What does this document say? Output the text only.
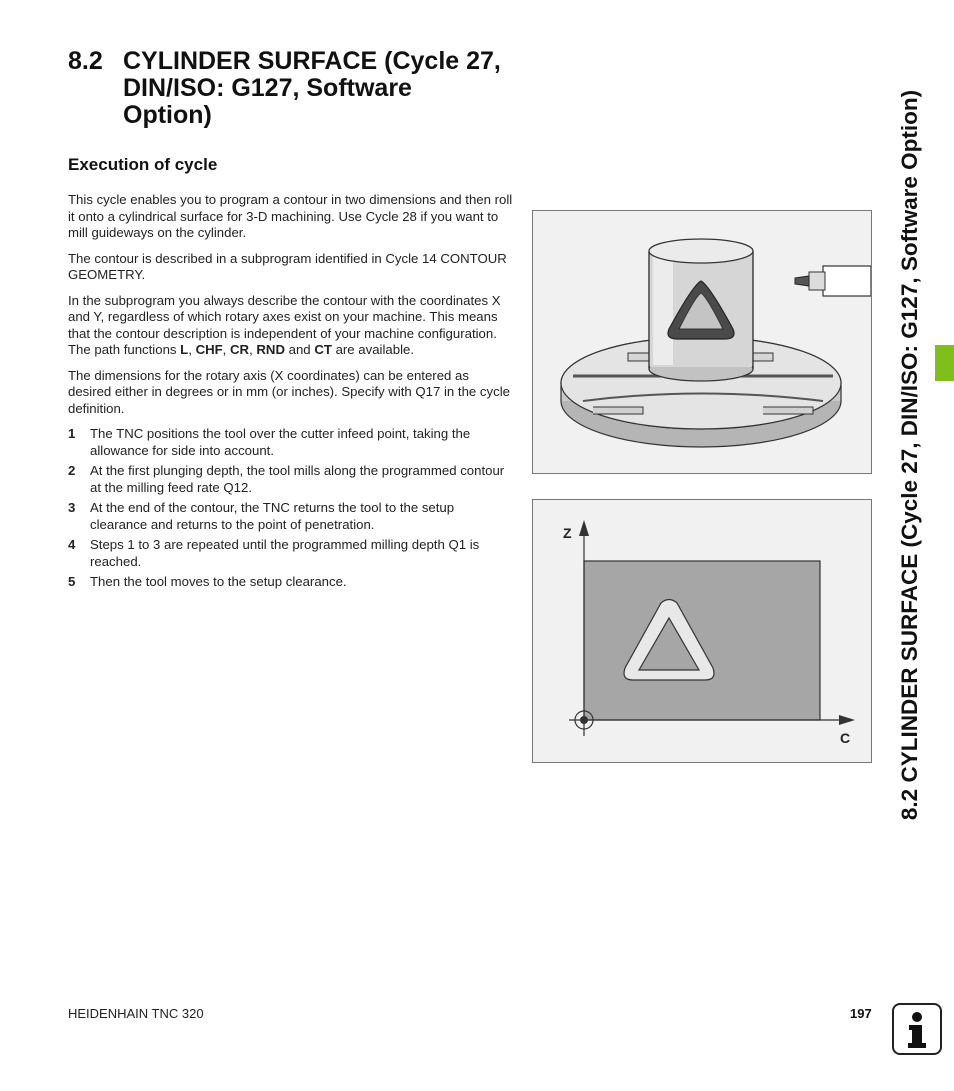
8.2 CYLINDER SURFACE (Cycle 27,
DIN/ISO: G127, Software
Option)
Execution of cycle

This cycle enables you to program a contour in two dimensions and then roll it onto a cylindrical surface for 3-D machining. Use Cycle 28 if you want to mill guideways on the cylinder.

The contour is described in a subprogram identified in Cycle 14 CONTOUR GEOMETRY.

In the subprogram you always describe the contour with the coordinates X and Y, regardless of which rotary axes exist on your machine. This means that the contour description is independent of your machine configuration. The path functions L, CHF, CR, RND and CT are available.

The dimensions for the rotary axis (X coordinates) can be entered as desired either in degrees or in mm (or inches). Specify with Q17 in the cycle definition.

1 The TNC positions the tool over the cutter infeed point, taking the allowance for side into account.
2 At the first plunging depth, the tool mills along the programmed contour at the milling feed rate Q12.
3 At the end of the contour, the TNC returns the tool to the setup clearance and returns to the point of penetration.
4 Steps 1 to 3 are repeated until the programmed milling depth Q1 is reached.
5 Then the tool moves to the setup clearance.
Z
C 8.2 CYLINDER SURFACE (Cycle 27, DIN/ISO: G127, Software Option)
HEIDENHAIN TNC 320	197
